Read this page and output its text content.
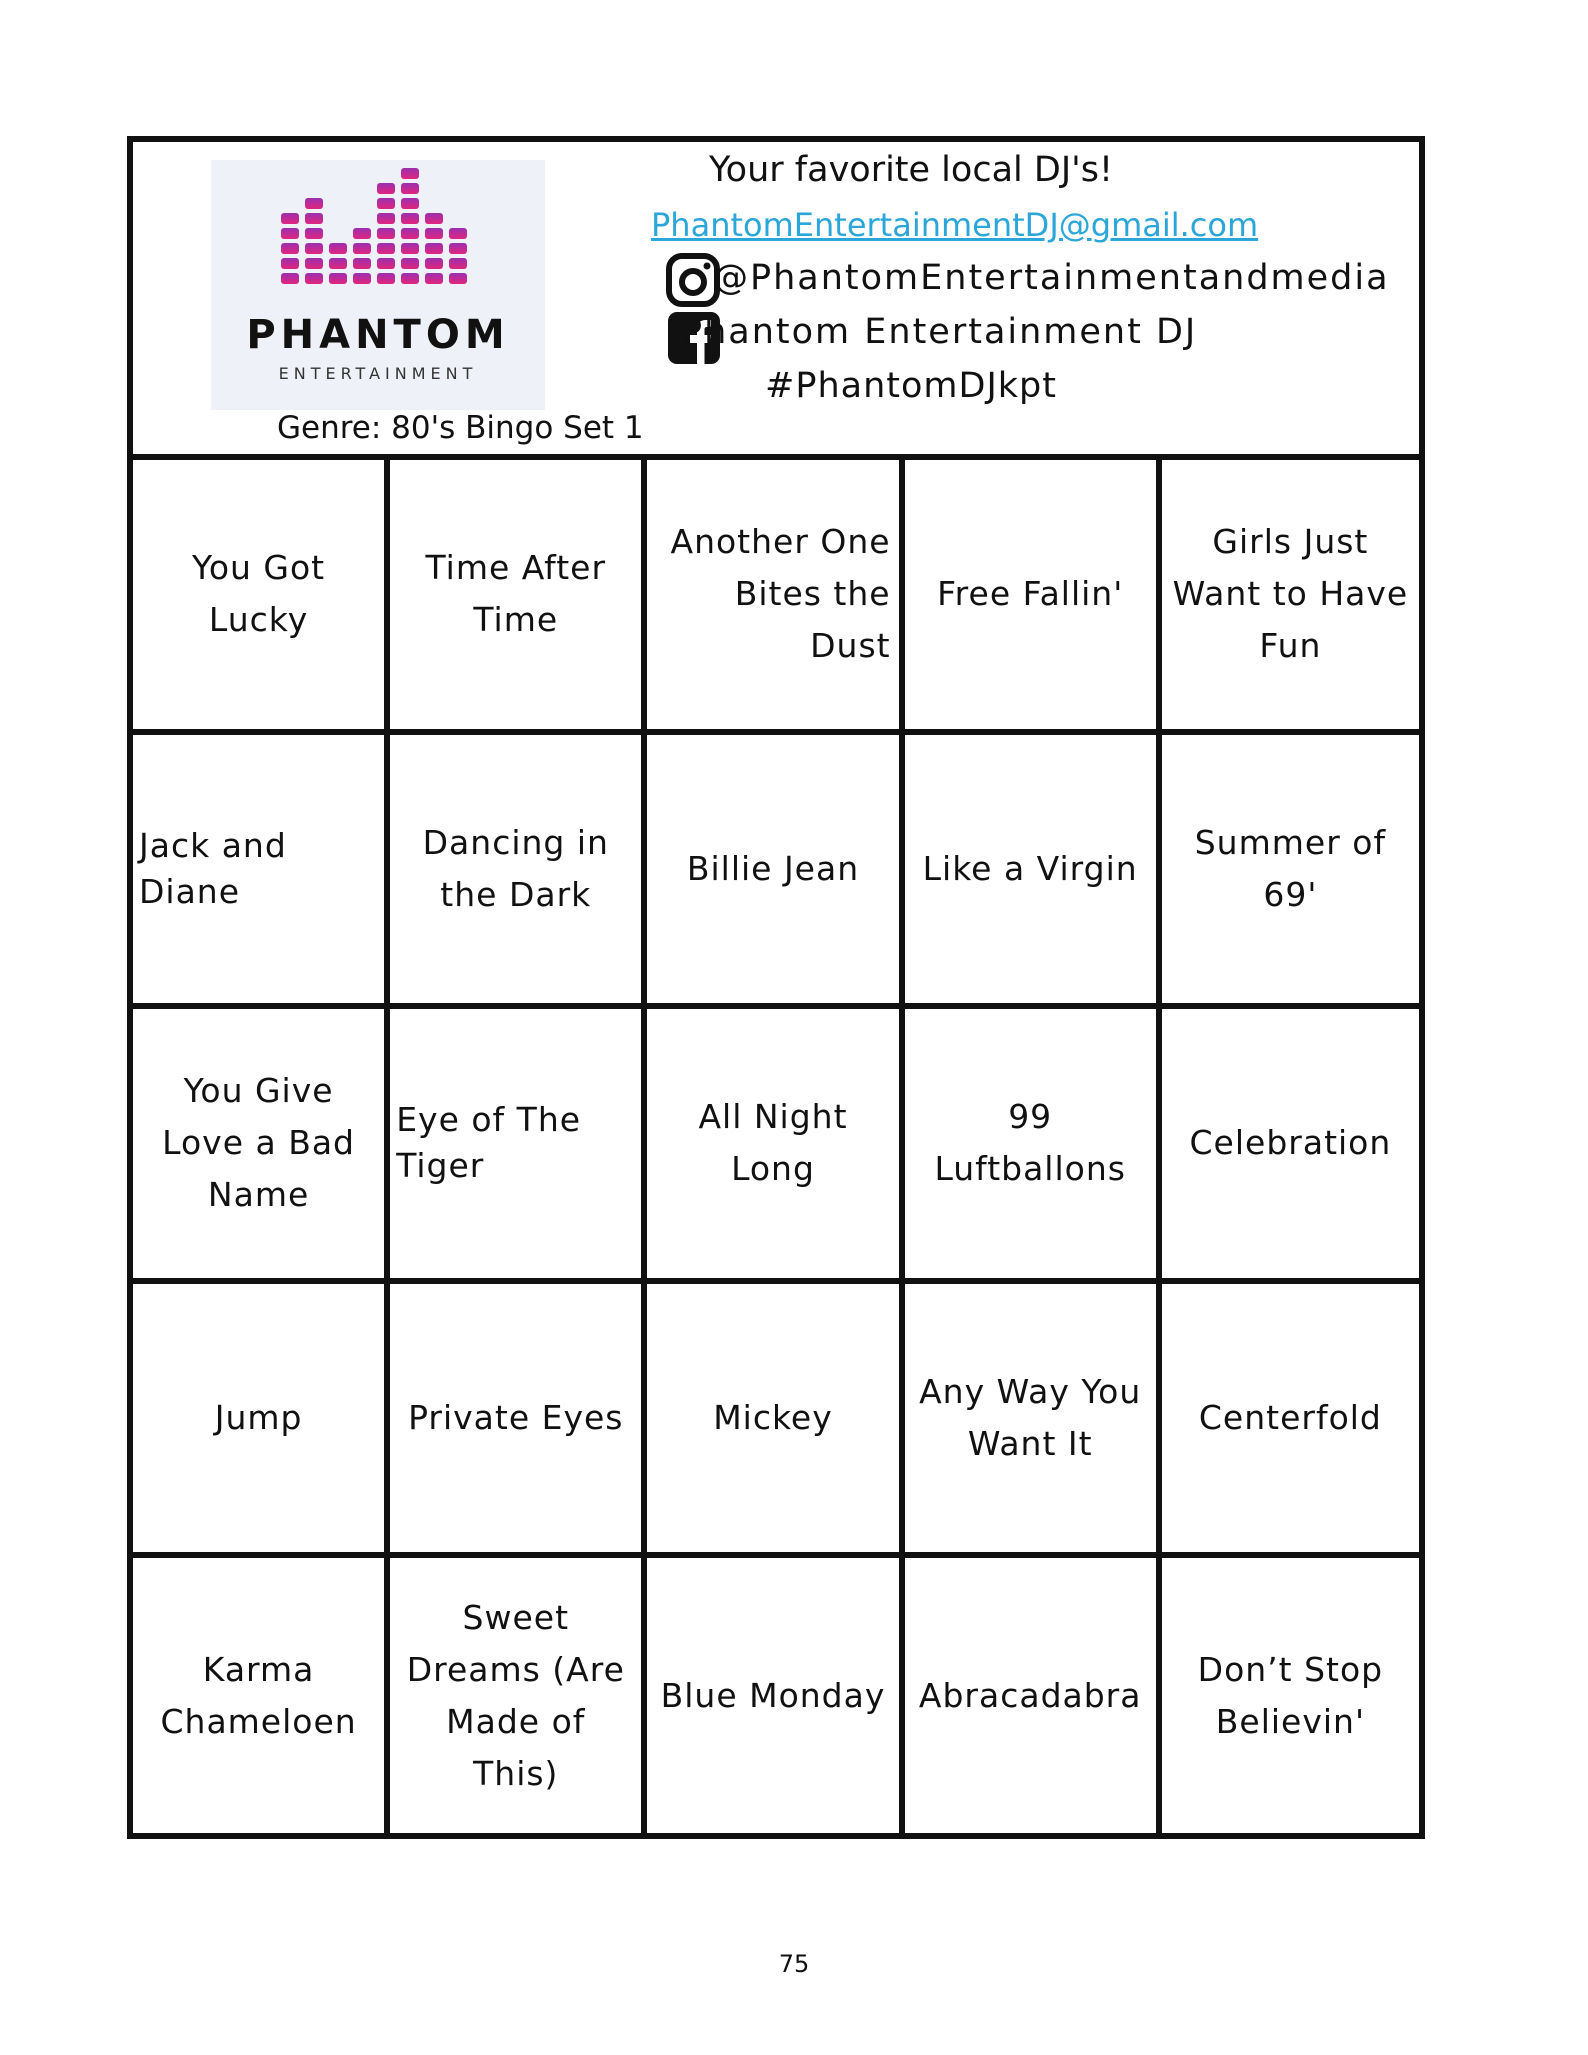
PHANTOM
ENTERTAINMENT
Genre: 80's Bingo Set 1
Your favorite local DJ's!
PhantomEntertainmentDJ@gmail.com
@PhantomEntertainmentandmedia
Phantom Entertainment DJ
#PhantomDJkpt
You Got Lucky
Time After Time
Another One Bites the Dust
Free Fallin'
Girls Just Want to Have Fun
Jack and Diane
Dancing in the Dark
Billie Jean Like a Virgin
Summer of 69'
You Give Love a Bad Name
Eye of The Tiger
All Night Long
99 Luftballons
Celebration
Jump	Private Eyes	Mickey
Any Way You Want It
Centerfold
Karma Chameloen
Sweet Dreams (Are Made of This)
Blue Monday Abracadabra
Don’t Stop Believin'
75
